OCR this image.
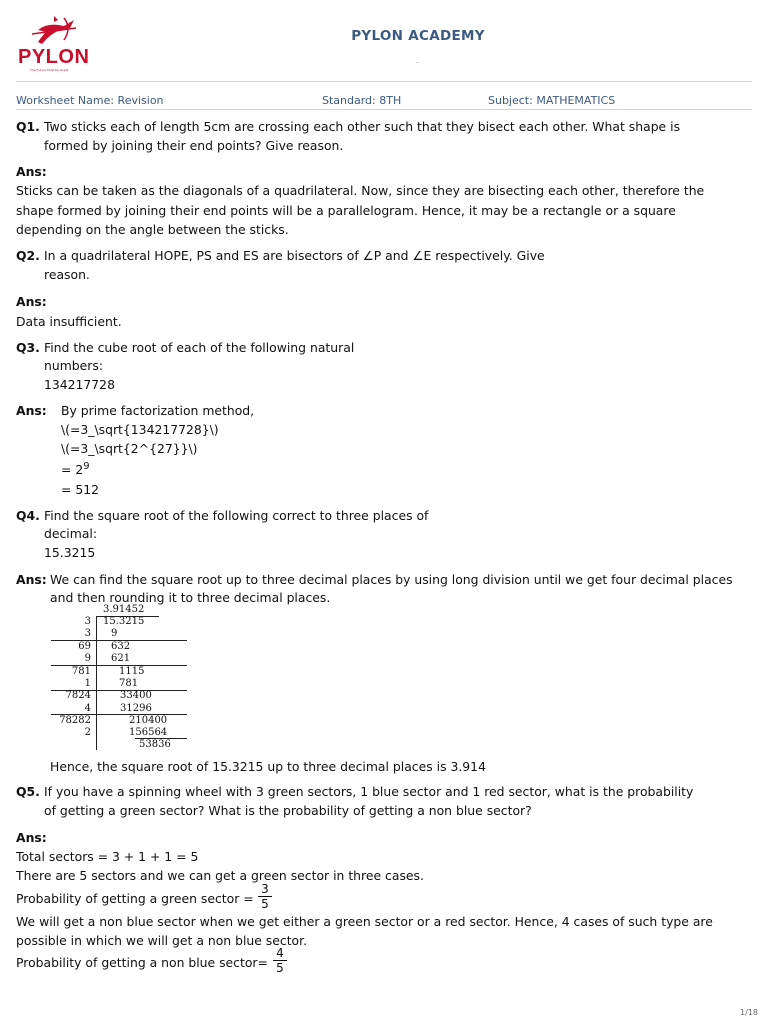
PYLON
The Future Must be Great
PYLON ACADEMY
.
Worksheet Name: Revision	Standard: 8TH	Subject: MATHEMATICS
Q1. Two sticks each of length 5cm are crossing each other such that they bisect each other. What shape is
formed by joining their end points? Give reason.
Ans:
Sticks can be taken as the diagonals of a quadrilateral. Now, since they are bisecting each other, therefore the
shape formed by joining their end points will be a parallelogram. Hence, it may be a rectangle or a square
depending on the angle between the sticks.
Q2. In a quadrilateral HOPE, PS and ES are bisectors of ∠P and ∠E respectively. Give
reason.
Ans:
Data insufficient.
Q3. Find the cube root of each of the following natural
numbers:
134217728
Ans: By prime factorization method,
\(=3_\sqrt{134217728}\)
\(=3_\sqrt{2^{27}}\)
= $2^9$
= 512
Q4. Find the square root of the following correct to three places of
decimal:
15.3215
Ans: We can find the square root up to three decimal places by using long division until we get four decimal places
and then rounding it to three decimal places.
3.91452
3 15.3215
3 9
69 632
9 621
781	1115
1	781
7824	33400
4	31296
78282	210400
2	156564
53836
Hence, the square root of 15.3215 up to three decimal places is 3.914
Q5. If you have a spinning wheel with 3 green sectors, 1 blue sector and 1 red sector, what is the probability
of getting a green sector? What is the probability of getting a non blue sector?
Ans:
Total sectors = 3 + 1 + 1 = 5
There are 5 sectors and we can get a green sector in three cases.
Probability of getting a green sector = $\frac{3}{5}$
We will get a non blue sector when we get either a green sector or a red sector. Hence, 4 cases of such type are
possible in which we will get a non blue sector.
Probability of getting a non blue sector= $\frac{4}{5}$
1/18
